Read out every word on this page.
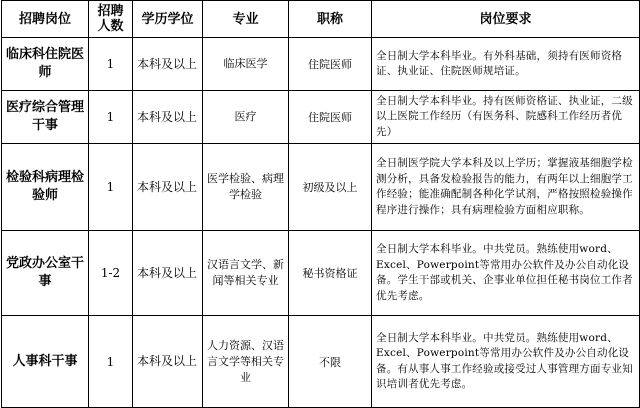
招聘岗位	招聘人数	学历学位	专业	职称	岗位要求
临床科住院医师	1	本科及以上	临床医学	住院医师	全日制大学本科毕业。有外科基础，须持有医师资格证、执业证、住院医师规培证。
医疗综合管理干事	1	本科及以上	医疗	住院医师	全日制大学本科毕业。持有医师资格证、执业证，二级以上医院工作经历（有医务科、院感科工作经历者优先）
检验科病理检验师	1	本科及以上	医学检验、病理学检验	初级及以上	全日制医学院大学本科及以上学历；掌握液基细胞学检测分析，具备发检验报告的能力，有两年以上细胞学工作经验；能准确配制各种化学试剂，严格按照检验操作程序进行操作；具有病理检验方面相应职称。
党政办公室干事	1-2	本科及以上	汉语言文学、新闻等相关专业	秘书资格证	全日制大学本科毕业。中共党员。熟练使用word、Excel、Powerpoint等常用办公软件及办公自动化设备。学生干部或机关、企事业单位担任秘书岗位工作者优先考虑。
人事科干事	1	本科及以上	人力资源、汉语言文学等相关专业	不限	全日制大学本科毕业。中共党员。熟练使用word、Excel、Powerpoint等常用办公软件及办公自动化设备。有从事人事工作经验或接受过人事管理方面专业知识培训者优先考虑。
